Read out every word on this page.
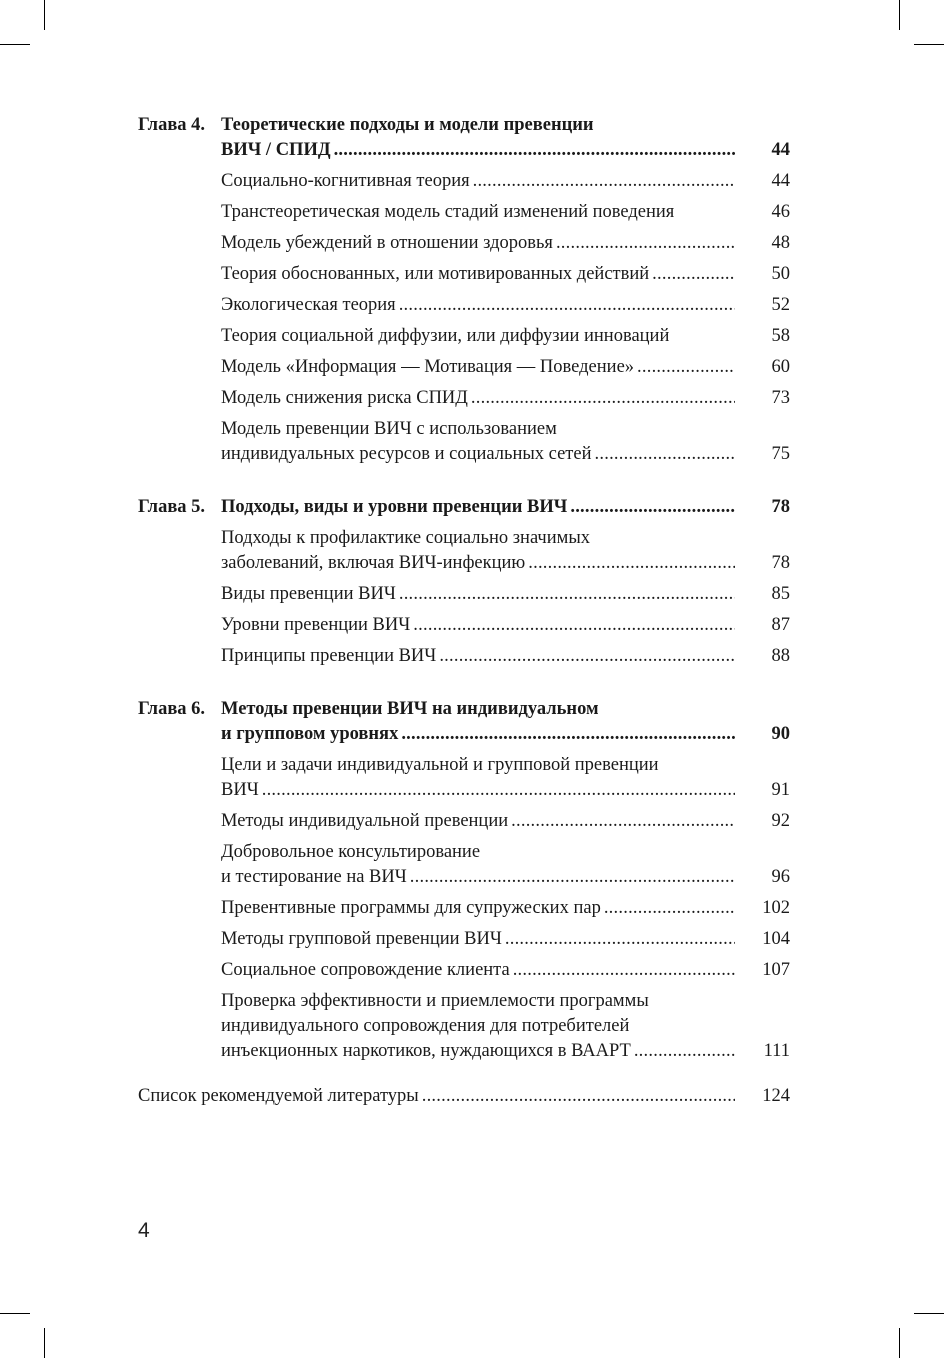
Глава 4. Теоретические подходы и модели превенции
ВИЧ / СПИД . . .	44
Социально-когнитивная теория . . .	44
Транстеоретическая модель стадий изменений поведения	46
Модель убеждений в отношении здоровья . . .	48
Теория обоснованных, или мотивированных действий . . .	50
Экологическая теория . . .	52
Теория социальной диффузии, или диффузии инноваций	58
Модель «Информация — Мотивация — Поведение» . . .	60
Модель снижения риска СПИД . . .	73
Модель превенции ВИЧ с использованием
индивидуальных ресурсов и социальных сетей . . .	75
Глава 5. Подходы, виды и уровни превенции ВИЧ . . .	78
Подходы к профилактике социально значимых
заболеваний, включая ВИЧ-инфекцию . . .	78
Виды превенции ВИЧ . . .	85
Уровни превенции ВИЧ . . .	87
Принципы превенции ВИЧ . . .	88
Глава 6. Методы превенции ВИЧ на индивидуальном
и групповом уровнях . . .	90
Цели и задачи индивидуальной и групповой превенции
ВИЧ . . .	91
Методы индивидуальной превенции . . .	92
Добровольное консультирование
и тестирование на ВИЧ . . .	96
Превентивные программы для супружеских пар . . .	102
Методы групповой превенции ВИЧ . . .	104
Социальное сопровождение клиента . . .	107
Проверка эффективности и приемлемости программы
индивидуального сопровождения для потребителей
инъекционных наркотиков, нуждающихся в ВААРТ . . .	111
Список рекомендуемой литературы . . .	124
4
